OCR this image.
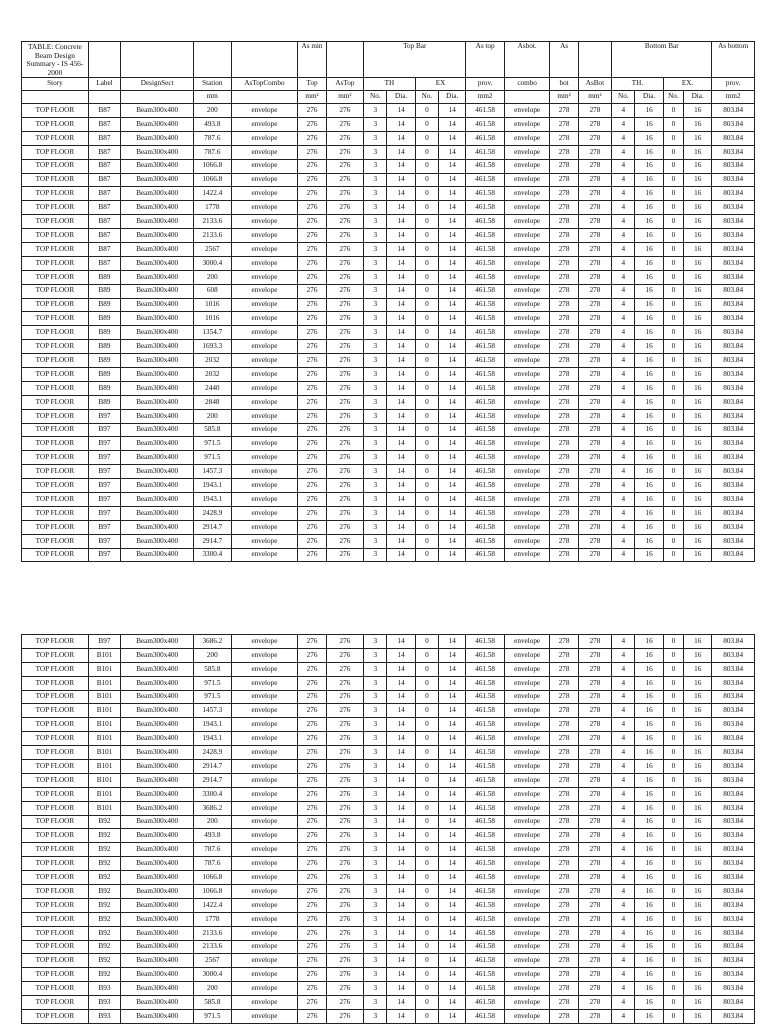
TABLE: Concrete Beam Design Summary - IS 456-2000					As min		Top Bar				As top	Asbot.	As		Bottom Bar				As bottom
Story	Label	DesignSect	Station	AsTopCombo	Top	AsTop	TH		EX		prov.	combo	bot	AsBot	TH.		EX.		prov.
			mm		mm²	mm²	No.	Dia.	No.	Dia.	mm2		mm²	mm²	No.	Dia.	No.	Dia.	mm2
TOP FLOOR	B87	Beam300x400	200	envelope	276	276	3	14	0	14	461.58	envelope	278	278	4	16	0	16	803.84
TOP FLOOR	B87	Beam300x400	493.8	envelope	276	276	3	14	0	14	461.58	envelope	278	278	4	16	0	16	803.84
TOP FLOOR	B87	Beam300x400	787.6	envelope	276	276	3	14	0	14	461.58	envelope	278	278	4	16	0	16	803.84
TOP FLOOR	B87	Beam300x400	787.6	envelope	276	276	3	14	0	14	461.58	envelope	278	278	4	16	0	16	803.84
TOP FLOOR	B87	Beam300x400	1066.8	envelope	276	276	3	14	0	14	461.58	envelope	278	278	4	16	0	16	803.84
TOP FLOOR	B87	Beam300x400	1066.8	envelope	276	276	3	14	0	14	461.58	envelope	278	278	4	16	0	16	803.84
TOP FLOOR	B87	Beam300x400	1422.4	envelope	276	276	3	14	0	14	461.58	envelope	278	278	4	16	0	16	803.84
TOP FLOOR	B87	Beam300x400	1778	envelope	276	276	3	14	0	14	461.58	envelope	278	278	4	16	0	16	803.84
TOP FLOOR	B87	Beam300x400	2133.6	envelope	276	276	3	14	0	14	461.58	envelope	278	278	4	16	0	16	803.84
TOP FLOOR	B87	Beam300x400	2133.6	envelope	276	276	3	14	0	14	461.58	envelope	278	278	4	16	0	16	803.84
TOP FLOOR	B87	Beam300x400	2567	envelope	276	276	3	14	0	14	461.58	envelope	278	278	4	16	0	16	803.84
TOP FLOOR	B87	Beam300x400	3000.4	envelope	276	276	3	14	0	14	461.58	envelope	278	278	4	16	0	16	803.84
TOP FLOOR	B89	Beam300x400	200	envelope	276	276	3	14	0	14	461.58	envelope	278	278	4	16	0	16	803.84
TOP FLOOR	B89	Beam300x400	608	envelope	276	276	3	14	0	14	461.58	envelope	278	278	4	16	0	16	803.84
TOP FLOOR	B89	Beam300x400	1016	envelope	276	276	3	14	0	14	461.58	envelope	278	278	4	16	0	16	803.84
TOP FLOOR	B89	Beam300x400	1016	envelope	276	276	3	14	0	14	461.58	envelope	278	278	4	16	0	16	803.84
TOP FLOOR	B89	Beam300x400	1354.7	envelope	276	276	3	14	0	14	461.58	envelope	278	278	4	16	0	16	803.84
TOP FLOOR	B89	Beam300x400	1693.3	envelope	276	276	3	14	0	14	461.58	envelope	278	278	4	16	0	16	803.84
TOP FLOOR	B89	Beam300x400	2032	envelope	276	276	3	14	0	14	461.58	envelope	278	278	4	16	0	16	803.84
TOP FLOOR	B89	Beam300x400	2032	envelope	276	276	3	14	0	14	461.58	envelope	278	278	4	16	0	16	803.84
TOP FLOOR	B89	Beam300x400	2440	envelope	276	276	3	14	0	14	461.58	envelope	278	278	4	16	0	16	803.84
TOP FLOOR	B89	Beam300x400	2848	envelope	276	276	3	14	0	14	461.58	envelope	278	278	4	16	0	16	803.84
TOP FLOOR	B97	Beam300x400	200	envelope	276	276	3	14	0	14	461.58	envelope	278	278	4	16	0	16	803.84
TOP FLOOR	B97	Beam300x400	585.8	envelope	276	276	3	14	0	14	461.58	envelope	278	278	4	16	0	16	803.84
TOP FLOOR	B97	Beam300x400	971.5	envelope	276	276	3	14	0	14	461.58	envelope	278	278	4	16	0	16	803.84
TOP FLOOR	B97	Beam300x400	971.5	envelope	276	276	3	14	0	14	461.58	envelope	278	278	4	16	0	16	803.84
TOP FLOOR	B97	Beam300x400	1457.3	envelope	276	276	3	14	0	14	461.58	envelope	278	278	4	16	0	16	803.84
TOP FLOOR	B97	Beam300x400	1943.1	envelope	276	276	3	14	0	14	461.58	envelope	278	278	4	16	0	16	803.84
TOP FLOOR	B97	Beam300x400	1943.1	envelope	276	276	3	14	0	14	461.58	envelope	278	278	4	16	0	16	803.84
TOP FLOOR	B97	Beam300x400	2428.9	envelope	276	276	3	14	0	14	461.58	envelope	278	278	4	16	0	16	803.84
TOP FLOOR	B97	Beam300x400	2914.7	envelope	276	276	3	14	0	14	461.58	envelope	278	278	4	16	0	16	803.84
TOP FLOOR	B97	Beam300x400	2914.7	envelope	276	276	3	14	0	14	461.58	envelope	278	278	4	16	0	16	803.84
TOP FLOOR	B97	Beam300x400	3300.4	envelope	276	276	3	14	0	14	461.58	envelope	278	278	4	16	0	16	803.84
TOP FLOOR	B97	Beam300x400	3686.2	envelope	276	276	3	14	0	14	461.58	envelope	278	278	4	16	0	16	803.84
TOP FLOOR	B101	Beam300x400	200	envelope	276	276	3	14	0	14	461.58	envelope	278	278	4	16	0	16	803.84
TOP FLOOR	B101	Beam300x400	585.8	envelope	276	276	3	14	0	14	461.58	envelope	278	278	4	16	0	16	803.84
TOP FLOOR	B101	Beam300x400	971.5	envelope	276	276	3	14	0	14	461.58	envelope	278	278	4	16	0	16	803.84
TOP FLOOR	B101	Beam300x400	971.5	envelope	276	276	3	14	0	14	461.58	envelope	278	278	4	16	0	16	803.84
TOP FLOOR	B101	Beam300x400	1457.3	envelope	276	276	3	14	0	14	461.58	envelope	278	278	4	16	0	16	803.84
TOP FLOOR	B101	Beam300x400	1943.1	envelope	276	276	3	14	0	14	461.58	envelope	278	278	4	16	0	16	803.84
TOP FLOOR	B101	Beam300x400	1943.1	envelope	276	276	3	14	0	14	461.58	envelope	278	278	4	16	0	16	803.84
TOP FLOOR	B101	Beam300x400	2428.9	envelope	276	276	3	14	0	14	461.58	envelope	278	278	4	16	0	16	803.84
TOP FLOOR	B101	Beam300x400	2914.7	envelope	276	276	3	14	0	14	461.58	envelope	278	278	4	16	0	16	803.84
TOP FLOOR	B101	Beam300x400	2914.7	envelope	276	276	3	14	0	14	461.58	envelope	278	278	4	16	0	16	803.84
TOP FLOOR	B101	Beam300x400	3300.4	envelope	276	276	3	14	0	14	461.58	envelope	278	278	4	16	0	16	803.84
TOP FLOOR	B101	Beam300x400	3686.2	envelope	276	276	3	14	0	14	461.58	envelope	278	278	4	16	0	16	803.84
TOP FLOOR	B92	Beam300x400	200	envelope	276	276	3	14	0	14	461.58	envelope	278	278	4	16	0	16	803.84
TOP FLOOR	B92	Beam300x400	493.8	envelope	276	276	3	14	0	14	461.58	envelope	278	278	4	16	0	16	803.84
TOP FLOOR	B92	Beam300x400	787.6	envelope	276	276	3	14	0	14	461.58	envelope	278	278	4	16	0	16	803.84
TOP FLOOR	B92	Beam300x400	787.6	envelope	276	276	3	14	0	14	461.58	envelope	278	278	4	16	0	16	803.84
TOP FLOOR	B92	Beam300x400	1066.8	envelope	276	276	3	14	0	14	461.58	envelope	278	278	4	16	0	16	803.84
TOP FLOOR	B92	Beam300x400	1066.8	envelope	276	276	3	14	0	14	461.58	envelope	278	278	4	16	0	16	803.84
TOP FLOOR	B92	Beam300x400	1422.4	envelope	276	276	3	14	0	14	461.58	envelope	278	278	4	16	0	16	803.84
TOP FLOOR	B92	Beam300x400	1778	envelope	276	276	3	14	0	14	461.58	envelope	278	278	4	16	0	16	803.84
TOP FLOOR	B92	Beam300x400	2133.6	envelope	276	276	3	14	0	14	461.58	envelope	278	278	4	16	0	16	803.84
TOP FLOOR	B92	Beam300x400	2133.6	envelope	276	276	3	14	0	14	461.58	envelope	278	278	4	16	0	16	803.84
TOP FLOOR	B92	Beam300x400	2567	envelope	276	276	3	14	0	14	461.58	envelope	278	278	4	16	0	16	803.84
TOP FLOOR	B92	Beam300x400	3000.4	envelope	276	276	3	14	0	14	461.58	envelope	278	278	4	16	0	16	803.84
TOP FLOOR	B93	Beam300x400	200	envelope	276	276	3	14	0	14	461.58	envelope	278	278	4	16	0	16	803.84
TOP FLOOR	B93	Beam300x400	585.8	envelope	276	276	3	14	0	14	461.58	envelope	278	278	4	16	0	16	803.84
TOP FLOOR	B93	Beam300x400	971.5	envelope	276	276	3	14	0	14	461.58	envelope	278	278	4	16	0	16	803.84
